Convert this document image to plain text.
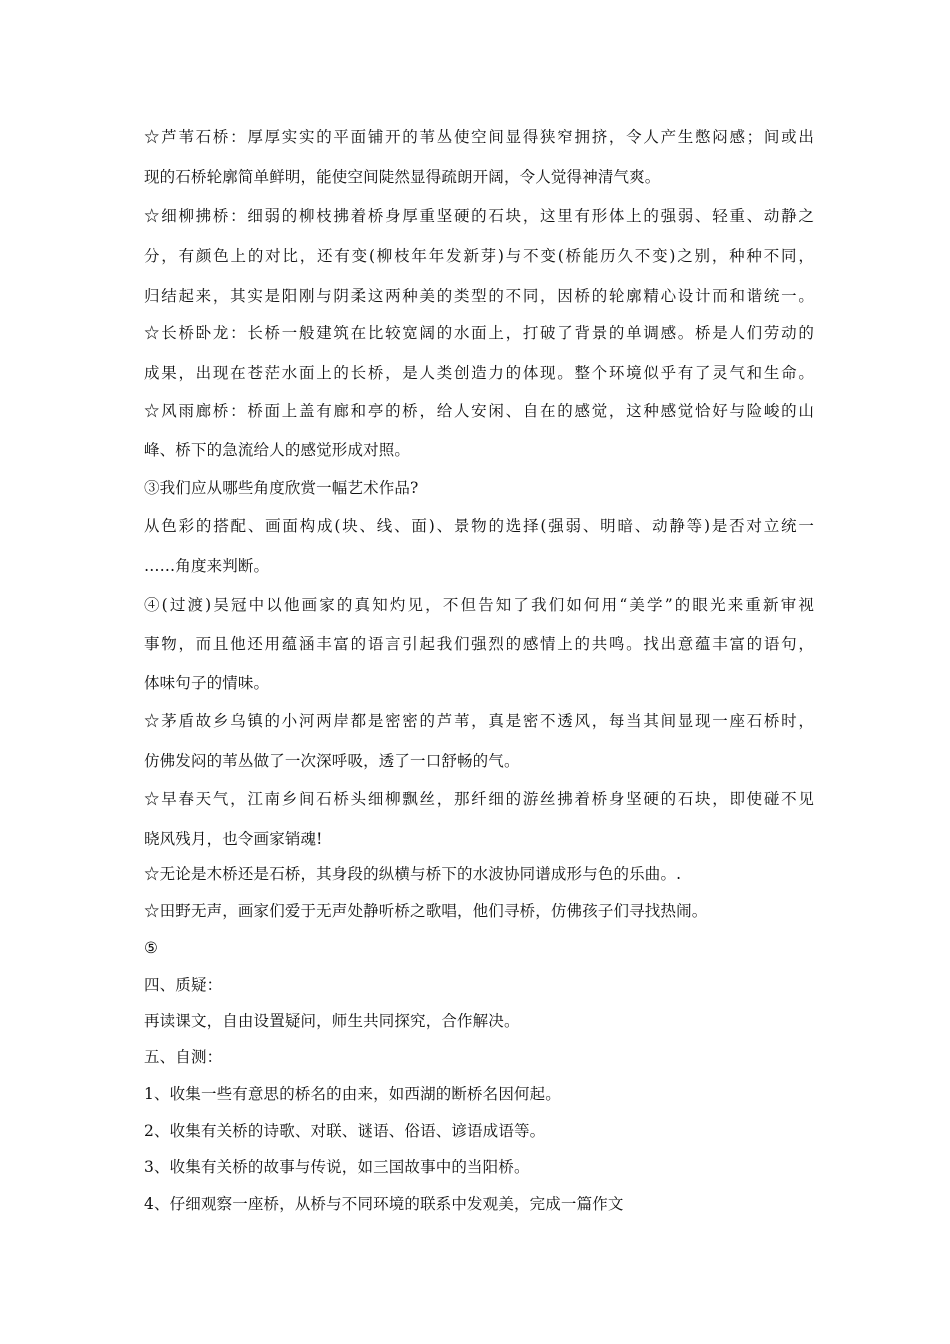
☆芦苇石桥：厚厚实实的平面铺开的苇丛使空间显得狭窄拥挤，令人产生憋闷感；间或出
现的石桥轮廓简单鲜明，能使空间陡然显得疏朗开阔，令人觉得神清气爽。
☆细柳拂桥：细弱的柳枝拂着桥身厚重坚硬的石块，这里有形体上的强弱、轻重、动静之
分，有颜色上的对比，还有变(柳枝年年发新芽)与不变(桥能历久不变)之别，种种不同，
归结起来，其实是阳刚与阴柔这两种美的类型的不同，因桥的轮廓精心设计而和谐统一。
☆长桥卧龙：长桥一般建筑在比较宽阔的水面上，打破了背景的单调感。桥是人们劳动的
成果，出现在苍茫水面上的长桥，是人类创造力的体现。整个环境似乎有了灵气和生命。
☆风雨廊桥：桥面上盖有廊和亭的桥，给人安闲、自在的感觉，这种感觉恰好与险峻的山
峰、桥下的急流给人的感觉形成对照。
③我们应从哪些角度欣赏一幅艺术作品?
从色彩的搭配、画面构成(块、线、面)、景物的选择(强弱、明暗、动静等)是否对立统一
……角度来判断。
④(过渡)吴冠中以他画家的真知灼见，不但告知了我们如何用“美学”的眼光来重新审视
事物，而且他还用蕴涵丰富的语言引起我们强烈的感情上的共鸣。找出意蕴丰富的语句，
体味句子的情味。
☆茅盾故乡乌镇的小河两岸都是密密的芦苇，真是密不透风，每当其间显现一座石桥时，
仿佛发闷的苇丛做了一次深呼吸，透了一口舒畅的气。
☆早春天气，江南乡间石桥头细柳飘丝，那纤细的游丝拂着桥身坚硬的石块，即使碰不见
晓风残月，也令画家销魂!
☆无论是木桥还是石桥，其身段的纵横与桥下的水波协同谱成形与色的乐曲。.
☆田野无声，画家们爱于无声处静听桥之歌唱，他们寻桥，仿佛孩子们寻找热闹。
⑤
四、质疑：
再读课文，自由设置疑问，师生共同探究，合作解决。
五、自测：
1、收集一些有意思的桥名的由来，如西湖的断桥名因何起。
2、收集有关桥的诗歌、对联、谜语、俗语、谚语成语等。
3、收集有关桥的故事与传说，如三国故事中的当阳桥。
4、仔细观察一座桥，从桥与不同环境的联系中发观美，完成一篇作文
